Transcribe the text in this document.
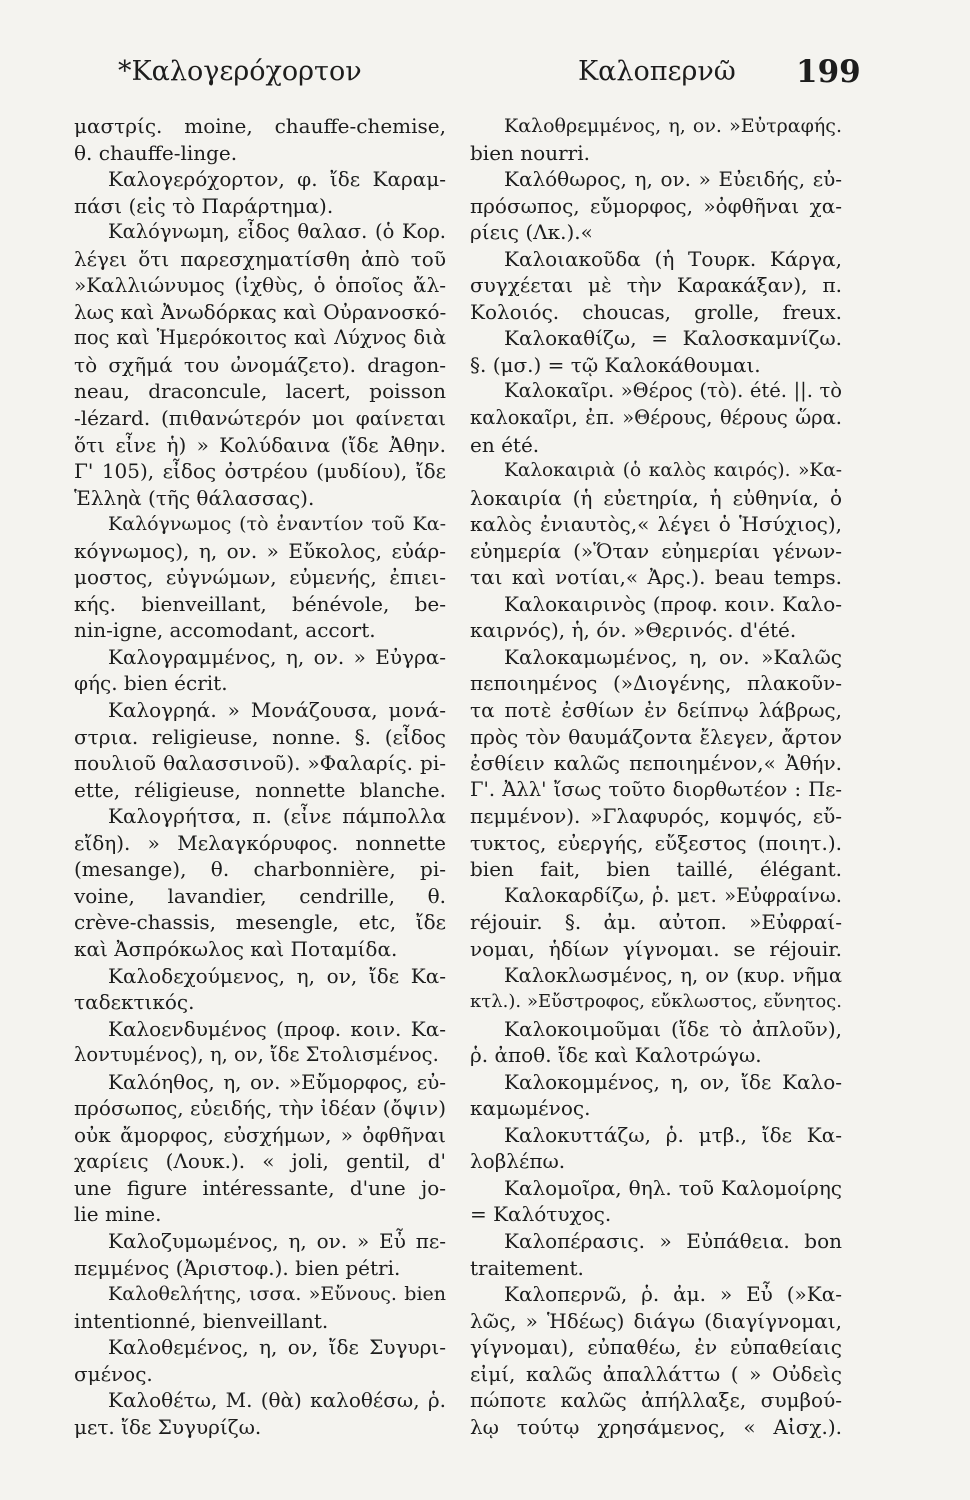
*Καλογερόχορτον	Καλοπερνῶ 199
μαστρίς. moine, chauffe-chemise,
θ. chauffe-linge.
Καλογερόχορτον, φ. ἴδε Καραμ-
πάσι (εἰς τὸ Παράρτημα).
Καλόγνωμη, εἶδος θαλασ. (ὁ Κορ.
λέγει ὅτι παρεσχηματίσθη ἀπὸ τοῦ
»Καλλιώνυμος (ἰχθὺς, ὁ ὁποῖος ἄλ-
λως καὶ Ἀνωδόρκας καὶ Οὐρανοσκό-
πος καὶ Ἡμερόκοιτος καὶ Λύχνος διὰ
τὸ σχῆμά του ὠνομάζετο). dragon-
neau, draconcule, lacert, poisson
-lézard. (πιθανώτερόν μοι φαίνεται
ὅτι εἶνε ἡ) » Κολύδαινα (ἴδε Ἀθην.
Γ' 105), εἶδος ὀστρέου (μυδίου), ἴδε
Ἑλληὰ (τῆς θάλασσας).
Καλόγνωμος (τὸ ἐναντίον τοῦ Κα-
κόγνωμος), η, ον. » Εὔκολος, εὐάρ-
μοστος, εὐγνώμων, εὐμενής, ἐπιει-
κής. bienveillant, bénévole, be-
nin-igne, accomodant, accort.
Καλογραμμένος, η, ον. » Εὐγρα-
φής. bien écrit.
Καλογρηά. » Μονάζουσα, μονά-
στρια. religieuse, nonne. §. (εἶδος
πουλιοῦ θαλασσινοῦ). »Φαλαρίς. pi-
ette, réligieuse, nonnette blanche.
Καλογρήτσα, π. (εἶνε πάμπολλα
εἴδη). » Μελαγκόρυφος. nonnette
(mesange), θ. charbonnière, pi-
voine, lavandier, cendrille, θ.
crève-chassis, mesengle, etc, ἴδε
καὶ Ἀσπρόκωλος καὶ Ποταμίδα.
Καλοδεχούμενος, η, ον, ἴδε Κα-
ταδεκτικός.
Καλοενδυμένος (προφ. κοιν. Κα-
λοντυμένος), η, ον, ἴδε Στολισμένος.
Καλόηθος, η, ον. »Εὔμορφος, εὐ-
πρόσωπος, εὐειδής, τὴν ἰδέαν (ὄψιν)
οὐκ ἄμορφος, εὐσχήμων, » ὀφθῆναι
χαρίεις (Λουκ.). « joli, gentil, d'
une figure intéressante, d'une jo-
lie mine.
Καλοζυμωμένος, η, ον. » Εὖ πε-
πεμμένος (Ἀριστοφ.). bien pétri.
Καλοθελήτης, ισσα. »Εὔνους. bien
intentionné, bienveillant.
Καλοθεμένος, η, ον, ἴδε Συγυρι-
σμένος.
Καλοθέτω, Μ. (θὰ) καλοθέσω, ῥ.
μετ. ἴδε Συγυρίζω.
Καλοθρεμμένος, η, ον. »Εὐτραφής.
bien nourri.
Καλόθωρος, η, ον. » Εὐειδής, εὐ-
πρόσωπος, εὔμορφος, »ὀφθῆναι χα-
ρίεις (Λκ.).«
Καλοιακοῦδα (ἡ Τουρκ. Κάργα,
συγχέεται μὲ τὴν Καρακάξαν), π.
Κολοιός. choucas, grolle, freux.
Καλοκαθίζω, = Καλοσκαμνίζω.
§. (μσ.) = τῷ Καλοκάθουμαι.
Καλοκαῖρι. »Θέρος (τὸ). été. ||. τὸ
καλοκαῖρι, ἐπ. »Θέρους, θέρους ὥρα.
en été.
Καλοκαιριὰ (ὁ καλὸς καιρός). »Κα-
λοκαιρία (ἡ εὐετηρία, ἡ εὐθηνία, ὁ
καλὸς ἐνιαυτὸς,« λέγει ὁ Ἡσύχιος),
εὐημερία (»Ὅταν εὐημερίαι γένων-
ται καὶ νοτίαι,« Ἀρς.). beau temps.
Καλοκαιρινὸς (προφ. κοιν. Καλο-
καιρνός), ἡ, όν. »Θερινός. d'été.
Καλοκαμωμένος, η, ον. »Καλῶς
πεποιημένος (»Διογένης, πλακοῦν-
τα ποτὲ ἐσθίων ἐν δείπνῳ λάβρως,
πρὸς τὸν θαυμάζοντα ἔλεγεν, ἄρτον
ἐσθίειν καλῶς πεποιημένον,« Ἀθήν.
Γ'. Ἀλλ' ἴσως τοῦτο διορθωτέον : Πε-
πεμμένον). »Γλαφυρός, κομψός, εὔ-
τυκτος, εὐεργής, εὔξεστος (ποιητ.).
bien fait, bien taillé, élégant.
Καλοκαρδίζω, ῥ. μετ. »Εὐφραίνω.
réjouir. §. ἀμ. αὐτοπ. »Εὐφραί-
νομαι, ἡδίων γίγνομαι. se réjouir.
Καλοκλωσμένος, η, ον (κυρ. νῆμα
κτλ.). »Εὔστροφος, εὔκλωστος, εὔνητος.
Καλοκοιμοῦμαι (ἴδε τὸ ἀπλοῦν),
ῥ. ἀποθ. ἴδε καὶ Καλοτρώγω.
Καλοκομμένος, η, ον, ἴδε Καλο-
καμωμένος.
Καλοκυττάζω, ῥ. μτβ., ἴδε Κα-
λοβλέπω.
Καλομοῖρα, θηλ. τοῦ Καλομοίρης
= Καλότυχος.
Καλοπέρασις. » Εὐπάθεια. bon
traitement.
Καλοπερνῶ, ῥ. ἀμ. » Εὖ (»Κα-
λῶς, » Ἡδέως) διάγω (διαγίγνομαι,
γίγνομαι), εὐπαθέω, ἐν εὐπαθείαις
εἰμί, καλῶς ἀπαλλάττω ( » Οὐδεὶς
πώποτε καλῶς ἀπήλλαξε, συμβού-
λῳ τούτῳ χρησάμενος, « Αἰσχ.).
